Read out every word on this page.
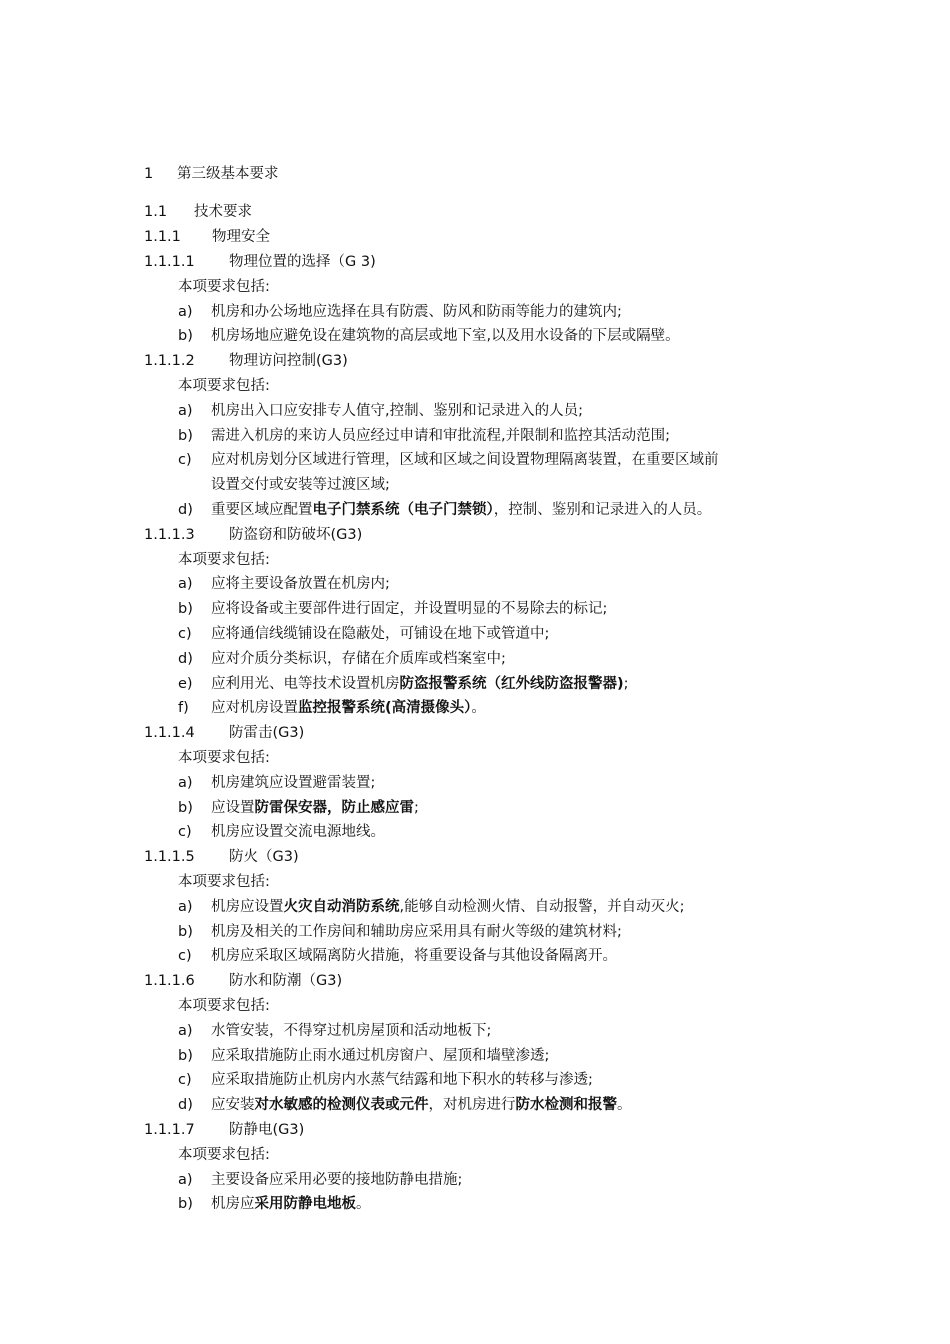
1 第三级基本要求
1.1 技术要求
1.1.1 物理安全
1.1.1.1 物理位置的选择（G 3)
本项要求包括:
a) 机房和办公场地应选择在具有防震、防风和防雨等能力的建筑内;
b) 机房场地应避免设在建筑物的高层或地下室,以及用水设备的下层或隔壁。
1.1.1.2 物理访问控制(G3)
本项要求包括:
a) 机房出入口应安排专人值守,控制、鉴别和记录进入的人员;
b) 需进入机房的来访人员应经过申请和审批流程,并限制和监控其活动范围;
c) 应对机房划分区域进行管理，区域和区域之间设置物理隔离装置，在重要区域前
设置交付或安装等过渡区域;
d) 重要区域应配置电子门禁系统（电子门禁锁），控制、鉴别和记录进入的人员。
1.1.1.3 防盗窃和防破坏(G3)
本项要求包括:
a) 应将主要设备放置在机房内;
b) 应将设备或主要部件进行固定，并设置明显的不易除去的标记;
c) 应将通信线缆铺设在隐蔽处，可铺设在地下或管道中;
d) 应对介质分类标识，存储在介质库或档案室中;
e) 应利用光、电等技术设置机房防盗报警系统（红外线防盗报警器);
f) 应对机房设置监控报警系统(高清摄像头）。
1.1.1.4 防雷击(G3)
本项要求包括:
a) 机房建筑应设置避雷装置;
b) 应设置防雷保安器，防止感应雷;
c) 机房应设置交流电源地线。
1.1.1.5 防火（G3)
本项要求包括:
a) 机房应设置火灾自动消防系统,能够自动检测火情、自动报警，并自动灭火;
b) 机房及相关的工作房间和辅助房应采用具有耐火等级的建筑材料;
c) 机房应采取区域隔离防火措施，将重要设备与其他设备隔离开。
1.1.1.6 防水和防潮（G3)
本项要求包括:
a) 水管安装，不得穿过机房屋顶和活动地板下;
b) 应采取措施防止雨水通过机房窗户、屋顶和墙壁渗透;
c) 应采取措施防止机房内水蒸气结露和地下积水的转移与渗透;
d) 应安装对水敏感的检测仪表或元件，对机房进行防水检测和报警。
1.1.1.7 防静电(G3)
本项要求包括:
a) 主要设备应采用必要的接地防静电措施;
b) 机房应采用防静电地板。
